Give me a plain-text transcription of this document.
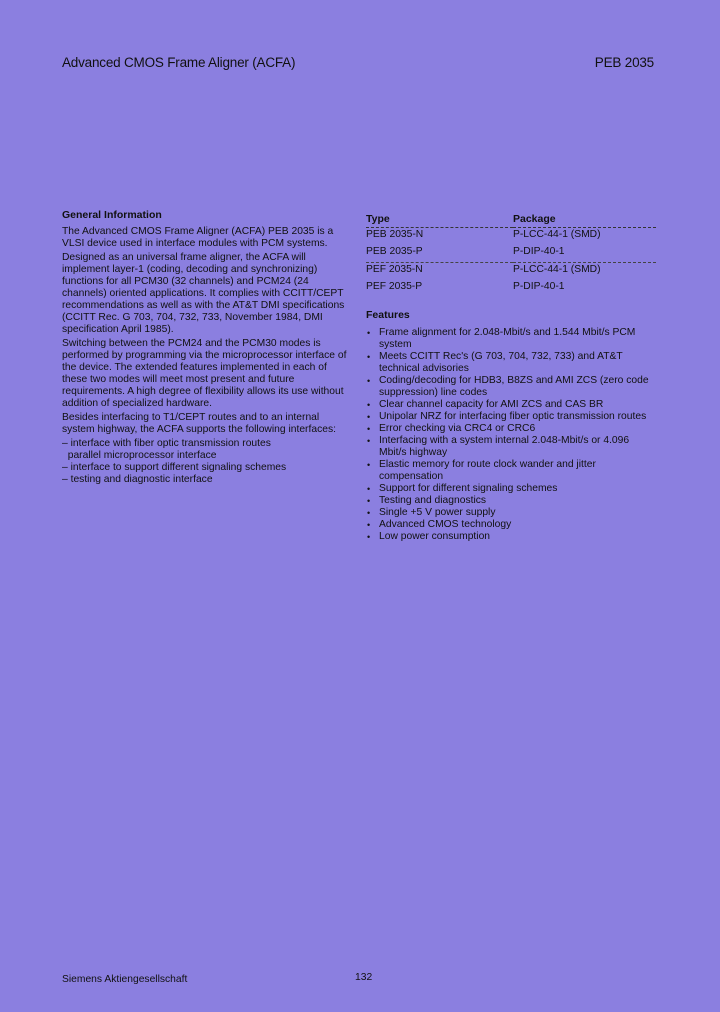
Advanced CMOS Frame Aligner (ACFA)	PEB 2035
General Information

The Advanced CMOS Frame Aligner (ACFA) PEB 2035 is a VLSI device used in interface modules with PCM systems.

Designed as an universal frame aligner, the ACFA will implement layer-1 (coding, decoding and synchronizing) functions for all PCM30 (32 channels) and PCM24 (24 channels) oriented applications. It complies with CCITT/CEPT recommendations as well as with the AT&T DMI specifications (CCITT Rec. G 703, 704, 732, 733, November 1984, DMI specification April 1985).

Switching between the PCM24 and the PCM30 modes is performed by programming via the microprocessor interface of the device. The extended features implemented in each of these two modes will meet most present and future requirements. A high degree of flexibility allows its use without addition of specialized hardware.

Besides interfacing to T1/CEPT routes and to an internal system highway, the ACFA supports the following interfaces:

– interface with fiber optic transmission routes
parallel microprocessor interface
– interface to support different signaling schemes
– testing and diagnostic interface
Type	Package
PEB 2035-N	P-LCC-44-1 (SMD)
PEB 2035-P	P-DIP-40-1
PEF 2035-N	P-LCC-44-1 (SMD)
PEF 2035-P	P-DIP-40-1
Features
• Frame alignment for 2.048-Mbit/s and 1.544 Mbit/s PCM system
• Meets CCITT Rec's (G 703, 704, 732, 733) and AT&T technical advisories
• Coding/decoding for HDB3, B8ZS and AMI ZCS (zero code suppression) line codes
• Clear channel capacity for AMI ZCS and CAS BR
• Unipolar NRZ for interfacing fiber optic transmission routes
• Error checking via CRC4 or CRC6
• Interfacing with a system internal 2.048-Mbit/s or 4.096 Mbit/s highway
• Elastic memory for route clock wander and jitter compensation
• Support for different signaling schemes
• Testing and diagnostics
• Single +5 V power supply
• Advanced CMOS technology
• Low power consumption
Siemens Aktiengesellschaft	132
